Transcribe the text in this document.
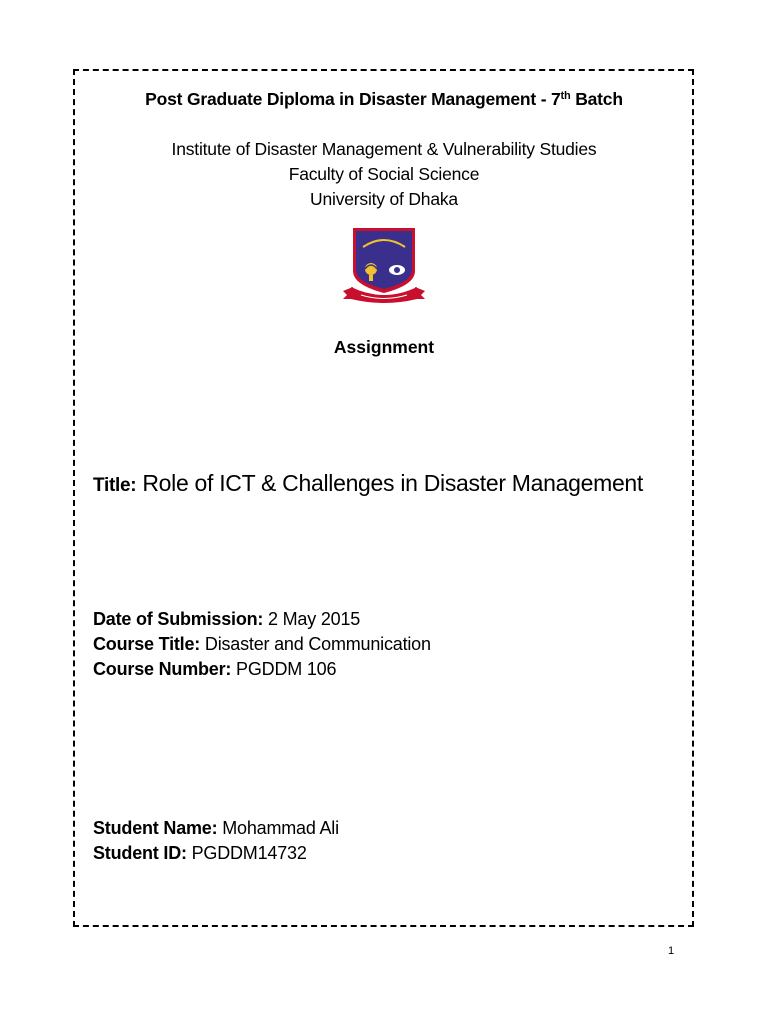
Post Graduate Diploma in Disaster Management - 7th Batch
Institute of Disaster Management & Vulnerability Studies
Faculty of Social Science
University of Dhaka
Assignment
Title: Role of ICT & Challenges in Disaster Management
Date of Submission: 2 May 2015
Course Title: Disaster and Communication
Course Number: PGDDM 106
Student Name: Mohammad Ali
Student ID: PGDDM14732
1
